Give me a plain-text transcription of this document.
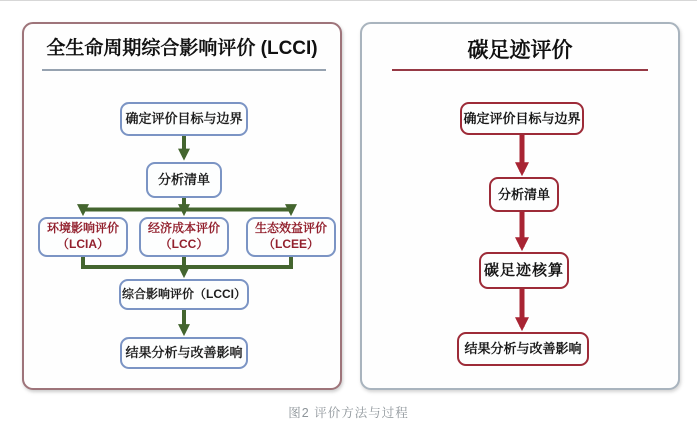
全生命周期综合影响评价 (LCCI)
确定评价目标与边界
分析清单
环境影响评价
（LCIA）
经济成本评价
（LCC）
生态效益评价
（LCEE）
综合影响评价（LCCI）
结果分析与改善影响
碳足迹评价
确定评价目标与边界
分析清单
碳足迹核算
结果分析与改善影响

图2 评价方法与过程
